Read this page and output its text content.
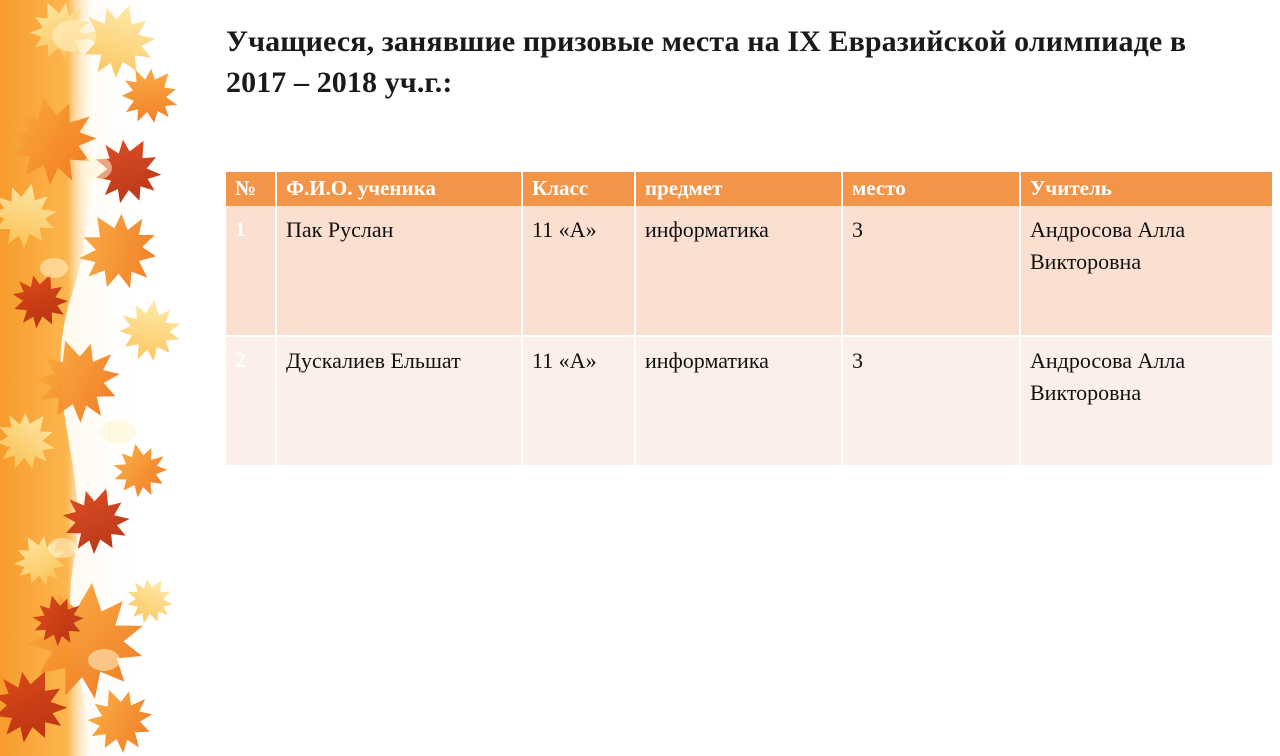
Учащиеся, занявшие призовые места на IX Евразийской олимпиаде в 2017 – 2018 уч.г.:
№	Ф.И.О. ученика	Класс	предмет	место	Учитель
1	Пак Руслан	11 «А»	информатика	3	Андросова Алла Викторовна
2	Дускалиев Ельшат	11 «А»	информатика	3	Андросова Алла Викторовна
